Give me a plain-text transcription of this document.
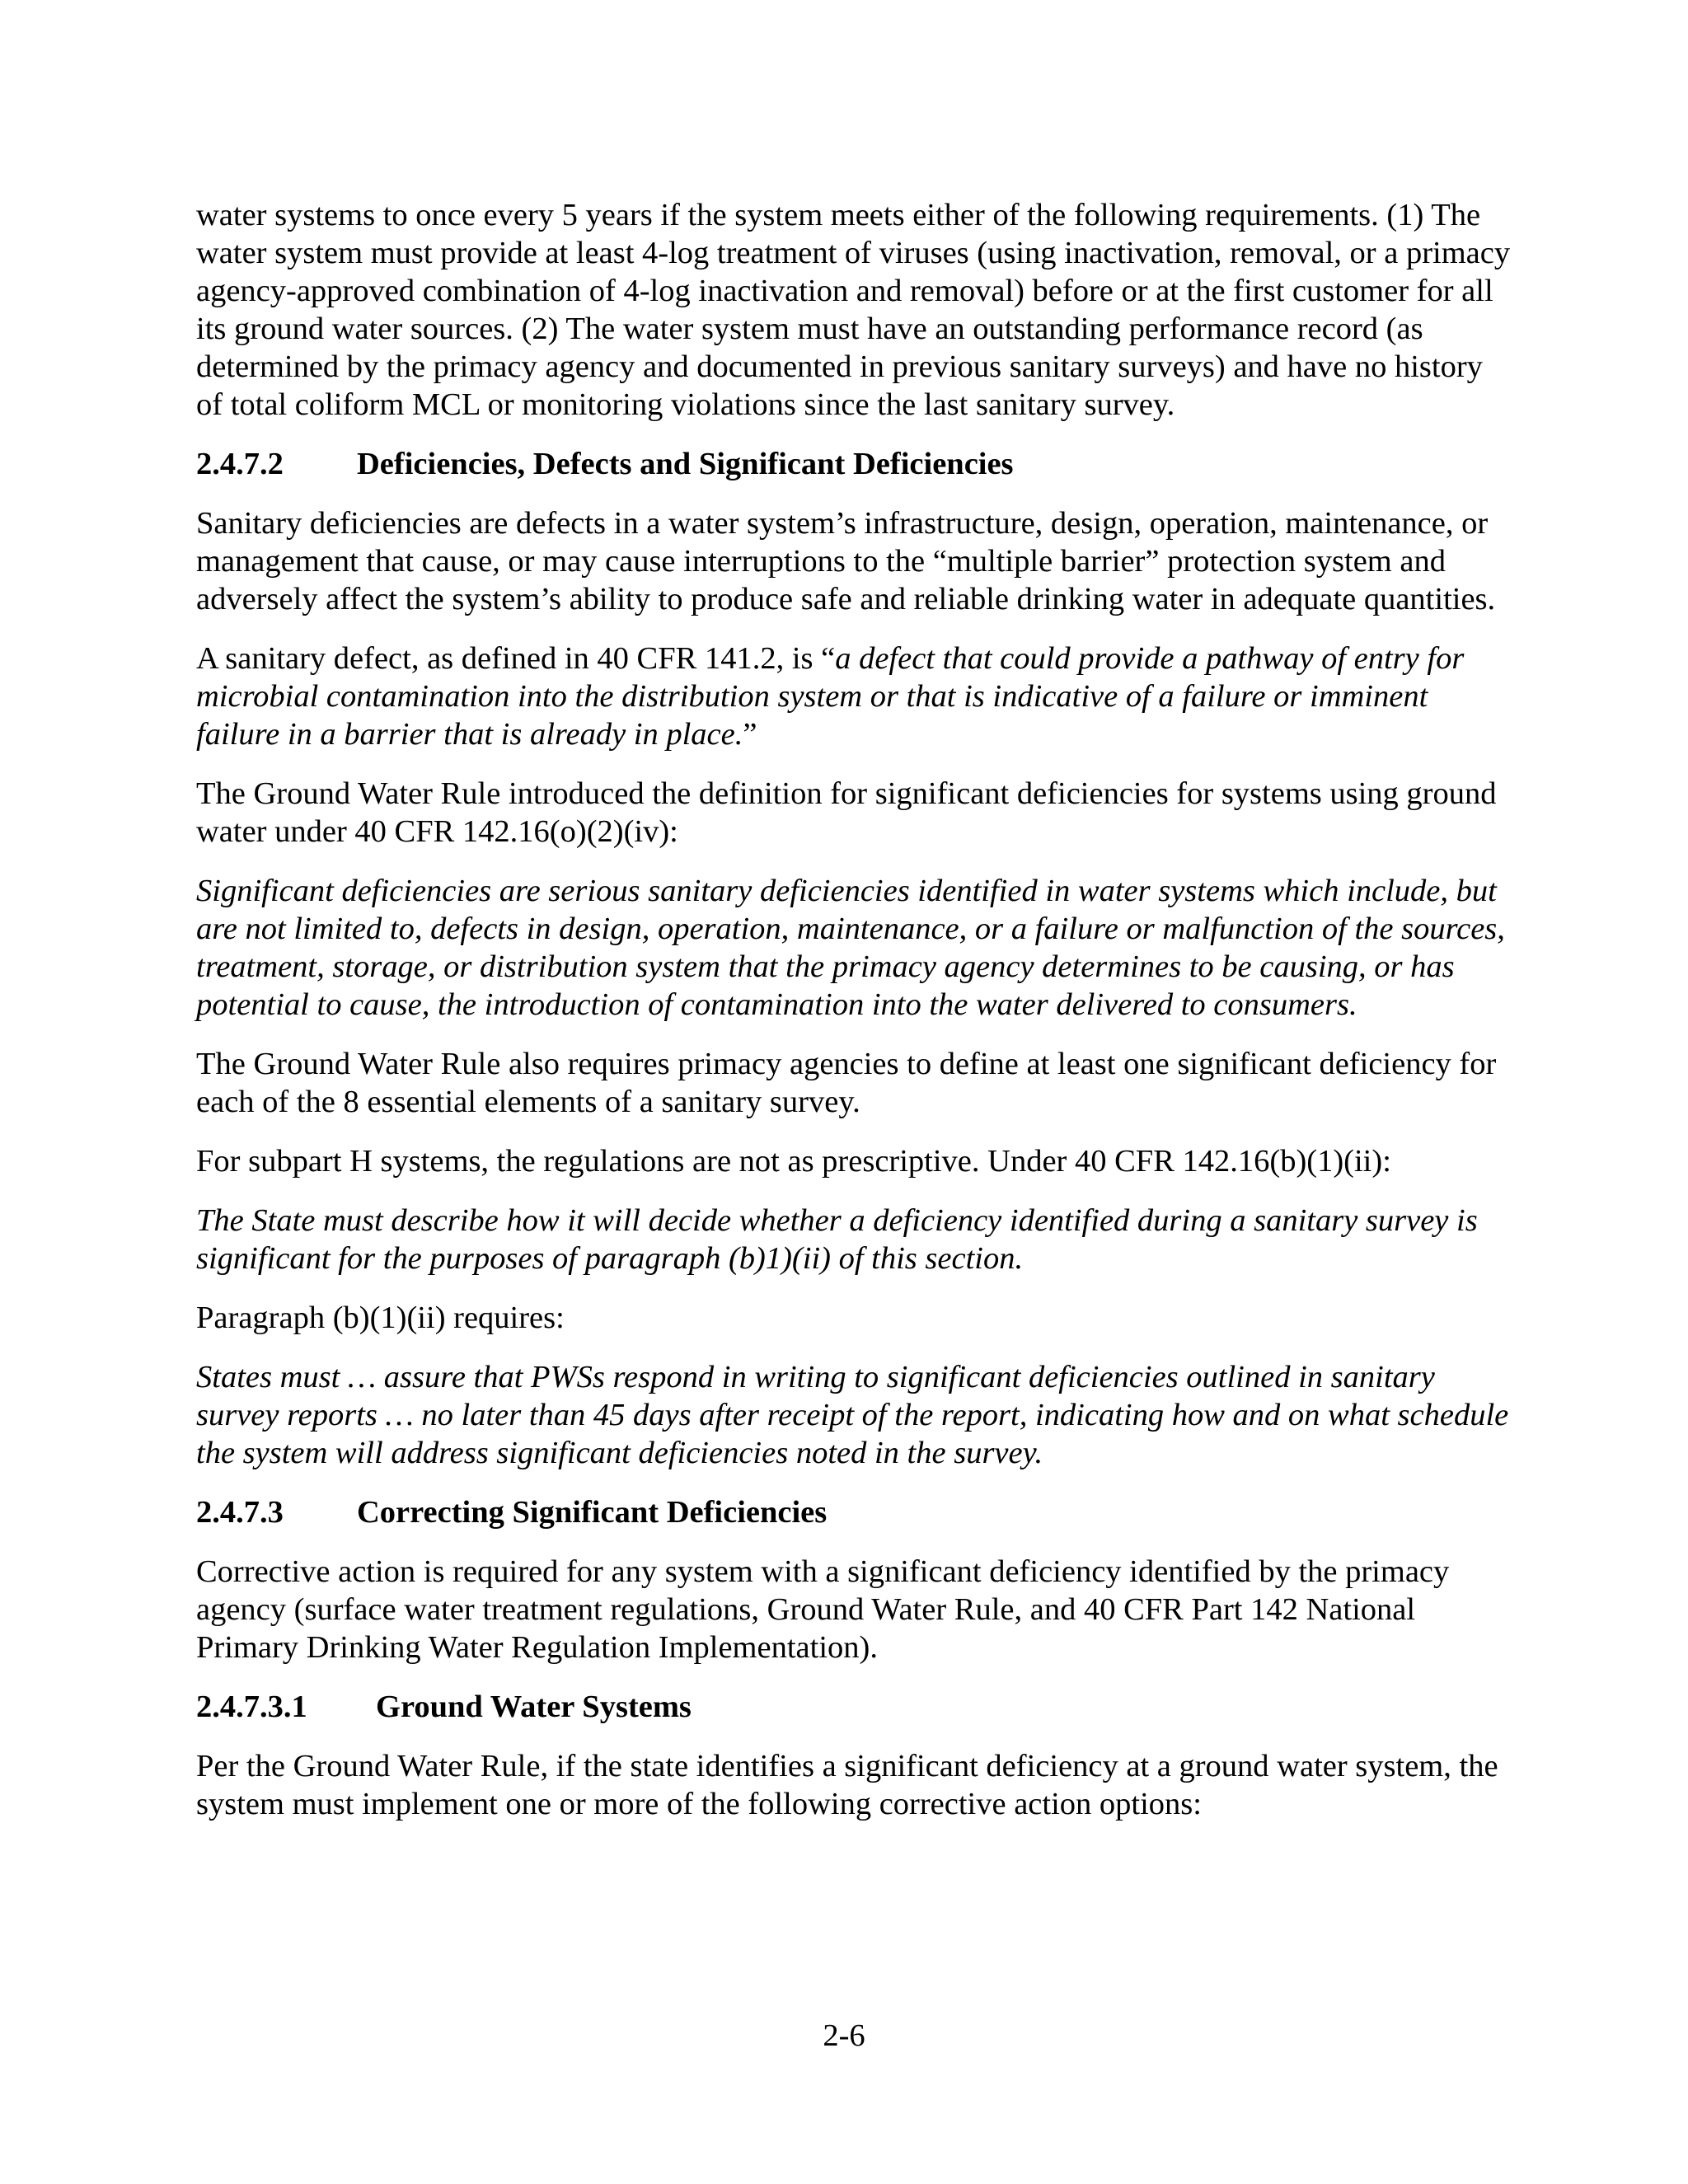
water systems to once every 5 years if the system meets either of the following requirements. (1) The water system must provide at least 4-log treatment of viruses (using inactivation, removal, or a primacy agency-approved combination of 4-log inactivation and removal) before or at the first customer for all its ground water sources. (2) The water system must have an outstanding performance record (as determined by the primacy agency and documented in previous sanitary surveys) and have no history of total coliform MCL or monitoring violations since the last sanitary survey.

2.4.7.2 Deficiencies, Defects and Significant Deficiencies

Sanitary deficiencies are defects in a water system’s infrastructure, design, operation, maintenance, or management that cause, or may cause interruptions to the “multiple barrier” protection system and adversely affect the system’s ability to produce safe and reliable drinking water in adequate quantities.

A sanitary defect, as defined in 40 CFR 141.2, is “a defect that could provide a pathway of entry for microbial contamination into the distribution system or that is indicative of a failure or imminent failure in a barrier that is already in place.”

The Ground Water Rule introduced the definition for significant deficiencies for systems using ground water under 40 CFR 142.16(o)(2)(iv):

Significant deficiencies are serious sanitary deficiencies identified in water systems which include, but are not limited to, defects in design, operation, maintenance, or a failure or malfunction of the sources, treatment, storage, or distribution system that the primacy agency determines to be causing, or has potential to cause, the introduction of contamination into the water delivered to consumers.

The Ground Water Rule also requires primacy agencies to define at least one significant deficiency for each of the 8 essential elements of a sanitary survey.

For subpart H systems, the regulations are not as prescriptive. Under 40 CFR 142.16(b)(1)(ii):

The State must describe how it will decide whether a deficiency identified during a sanitary survey is significant for the purposes of paragraph (b)1)(ii) of this section.

Paragraph (b)(1)(ii) requires:

States must … assure that PWSs respond in writing to significant deficiencies outlined in sanitary survey reports … no later than 45 days after receipt of the report, indicating how and on what schedule the system will address significant deficiencies noted in the survey.

2.4.7.3 Correcting Significant Deficiencies

Corrective action is required for any system with a significant deficiency identified by the primacy agency (surface water treatment regulations, Ground Water Rule, and 40 CFR Part 142 National Primary Drinking Water Regulation Implementation).

2.4.7.3.1 Ground Water Systems

Per the Ground Water Rule, if the state identifies a significant deficiency at a ground water system, the system must implement one or more of the following corrective action options:

2-6
